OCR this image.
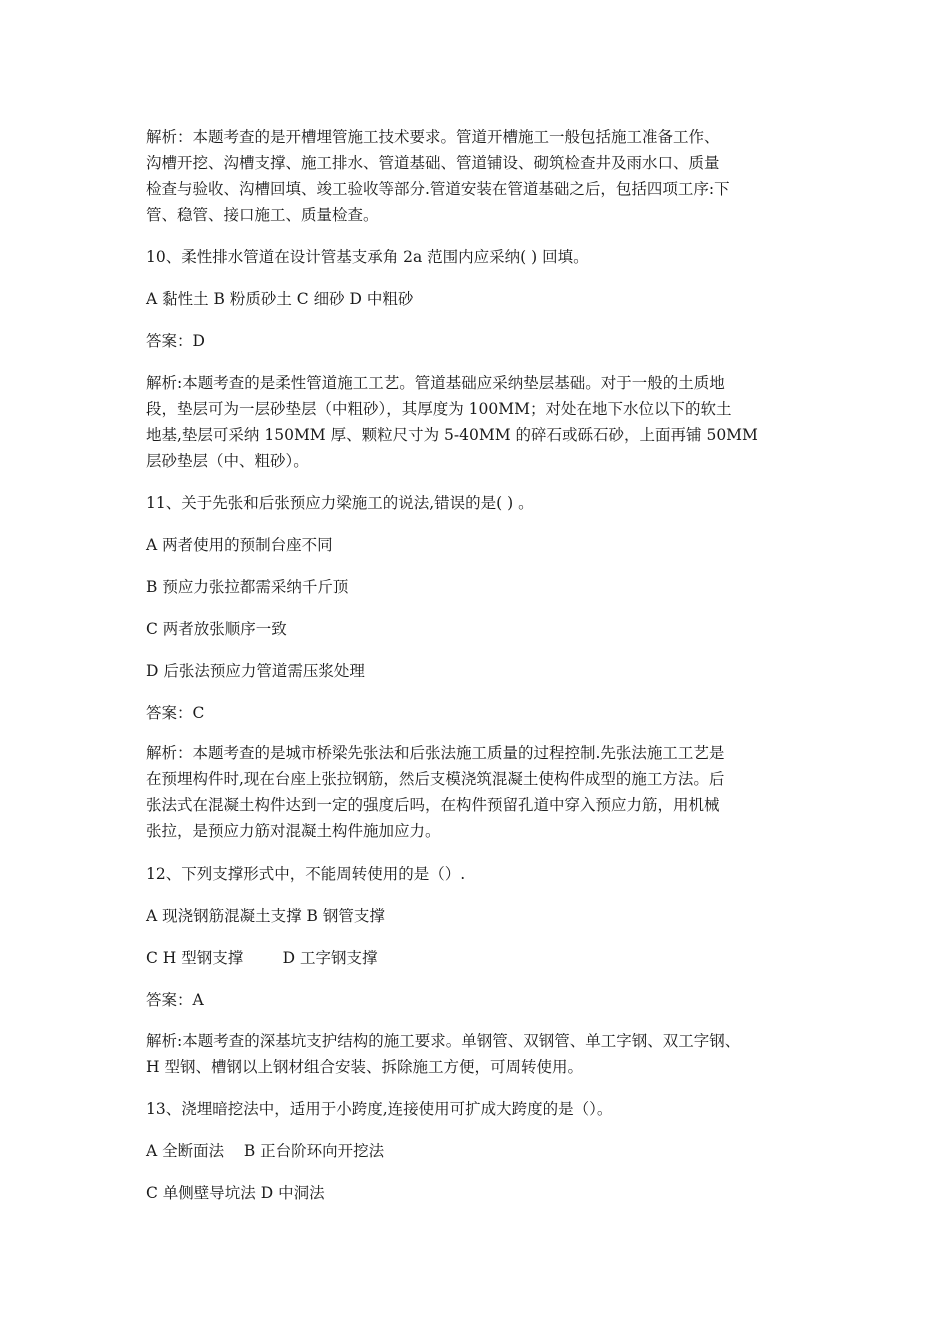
解析：本题考查的是开槽埋管施工技术要求。管道开槽施工一般包括施工准备工作、
沟槽开挖、沟槽支撑、施工排水、管道基础、管道铺设、砌筑检查井及雨水口、质量
检查与验收、沟槽回填、竣工验收等部分.管道安装在管道基础之后，包括四项工序:下
管、稳管、接口施工、质量检查。

10、柔性排水管道在设计管基支承角 2a 范围内应采纳( ) 回填。

A 黏性土 B 粉质砂土 C 细砂 D 中粗砂

答案：D

解析:本题考查的是柔性管道施工工艺。管道基础应采纳垫层基础。对于一般的土质地
段，垫层可为一层砂垫层（中粗砂），其厚度为 100MM；对处在地下水位以下的软土
地基,垫层可采纳 150MM 厚、颗粒尺寸为 5-40MM 的碎石或砾石砂，上面再铺 50MM
层砂垫层（中、粗砂）。

11、关于先张和后张预应力梁施工的说法,错误的是( ) 。

A 两者使用的预制台座不同

B 预应力张拉都需采纳千斤顶

C 两者放张顺序一致

D 后张法预应力管道需压浆处理

答案：C

解析：本题考查的是城市桥梁先张法和后张法施工质量的过程控制.先张法施工工艺是
在预埋构件时,现在台座上张拉钢筋，然后支模浇筑混凝土使构件成型的施工方法。后
张法式在混凝土构件达到一定的强度后吗，在构件预留孔道中穿入预应力筋，用机械
张拉，是预应力筋对混凝土构件施加应力。

12、下列支撑形式中，不能周转使用的是（）.

A 现浇钢筋混凝土支撑 B 钢管支撑

C H 型钢支撑        D 工字钢支撑

答案：A

解析:本题考查的深基坑支护结构的施工要求。单钢管、双钢管、单工字钢、双工字钢、
H 型钢、槽钢以上钢材组合安装、拆除施工方便，可周转使用。

13、浇埋暗挖法中，适用于小跨度,连接使用可扩成大跨度的是（）。

A 全断面法    B 正台阶环向开挖法

C 单侧壁导坑法 D 中洞法
